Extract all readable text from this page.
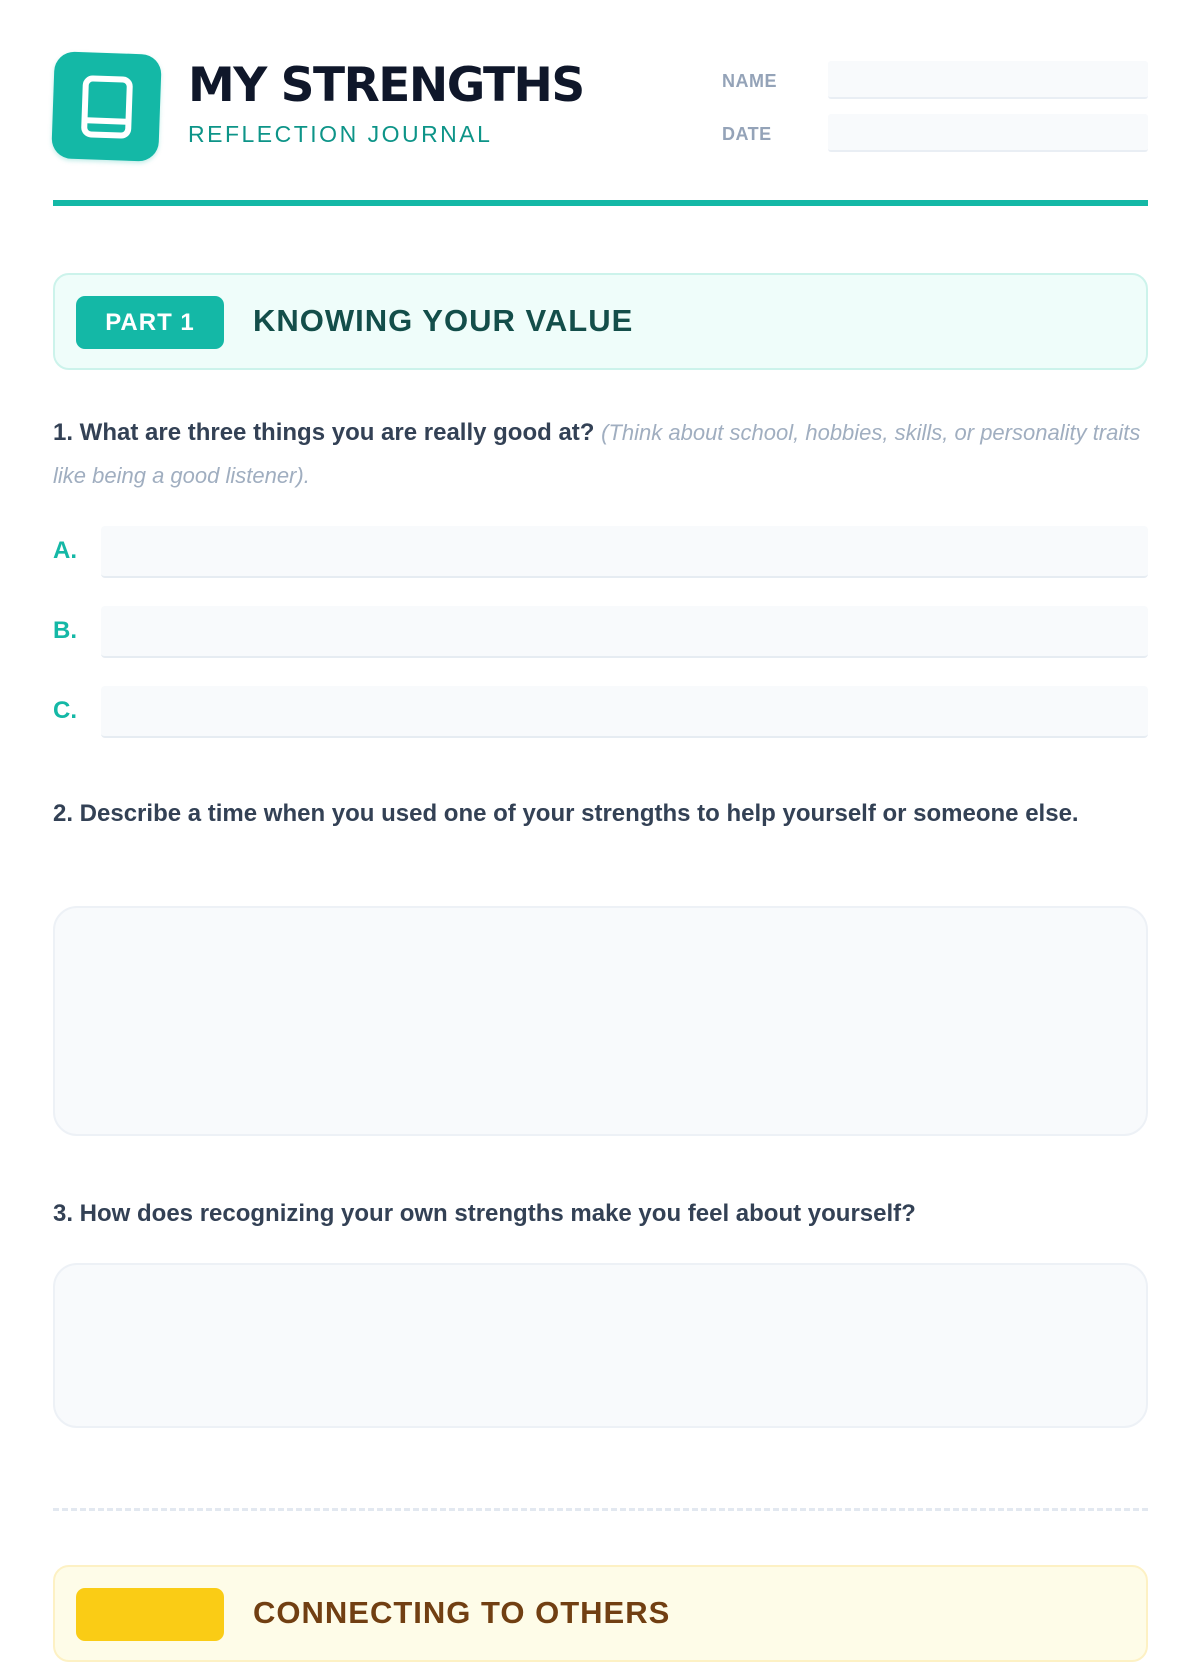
MY STRENGTHS
REFLECTION JOURNAL
NAME
DATE
PART 1	KNOWING YOUR VALUE
1. What are three things you are really good at? (Think about school, hobbies, skills, or personality traits like being a good listener).
A.
B.
C.
2. Describe a time when you used one of your strengths to help yourself or someone else.
3. How does recognizing your own strengths make you feel about yourself?
CONNECTING TO OTHERS
